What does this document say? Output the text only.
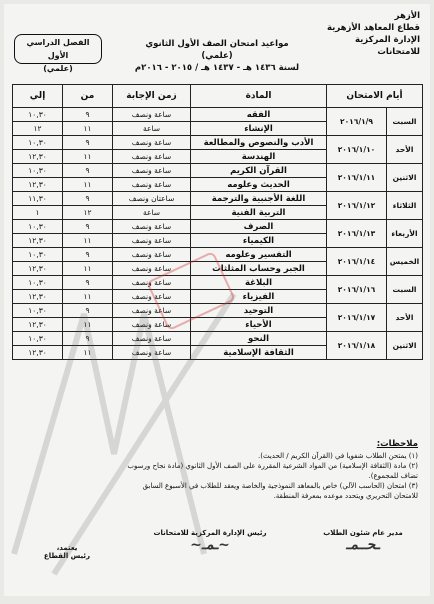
الأزهر
قطاع المعاهد الأزهرية
الإدارة المركزية للامتحانات
مواعيد امتحان الصف الأول الثانوي (علمي)
لسنة ١٤٣٦ هـ - ١٤٣٧ هـ / ٢٠١٥ - ٢٠١٦م
الفصل الدراسي الأول
(علمي)
أيام الامتحان		المادة	زمن الإجابة	من	إلي
السبت	٢٠١٦/١/٩	الفقه	ساعة ونصف	٩	١٠,٣٠
		الإنشاء	ساعة	١١	١٢
الأحد	٢٠١٦/١/١٠	الأدب والنصوص والمطالعة	ساعة ونصف	٩	١٠,٣٠
		الهندسة	ساعة ونصف	١١	١٢,٣٠
الاثنين	٢٠١٦/١/١١	القرآن الكريم	ساعة ونصف	٩	١٠,٣٠
		الحديث وعلومه	ساعة ونصف	١١	١٢,٣٠
الثلاثاء	٢٠١٦/١/١٢	اللغة الأجنبية والترجمة	ساعتان ونصف	٩	١١,٣٠
		التربية الفنية	ساعة	١٢	١
الأربعاء	٢٠١٦/١/١٣	الصرف	ساعة ونصف	٩	١٠,٣٠
		الكيمياء	ساعة ونصف	١١	١٢,٣٠
الخميس	٢٠١٦/١/١٤	التفسير وعلومه	ساعة ونصف	٩	١٠,٣٠
		الجبر وحساب المثلثات	ساعة ونصف	١١	١٢,٣٠
السبت	٢٠١٦/١/١٦	البلاغة	ساعة ونصف	٩	١٠,٣٠
		الفيزياء	ساعة ونصف	١١	١٢,٣٠
الأحد	٢٠١٦/١/١٧	التوحيد	ساعة ونصف	٩	١٠,٣٠
		الأحياء	ساعة ونصف	١١	١٢,٣٠
الاثنين	٢٠١٦/١/١٨	النحو	ساعة ونصف	٩	١٠,٣٠
		الثقافة الإسلامية	ساعة ونصف	١١	١٢,٣٠
ملاحظات:
(١) يمتحن الطلاب شفويا في (القرآن الكريم / الحديث).
(٢) مادة (الثقافة الإسلامية) من المواد الشرعية المقررة على الصف الأول الثانوي (مادة نجاح ورسوب تضاف للمجموع).
(٣) امتحان (الحاسب الآلي) خاص بالمعاهد النموذجية والخاصة ويعقد للطلاب في الأسبوع السابق للامتحان التحريري ويتحدد موعده بمعرفة المنطقة.
مدير عام شئون الطلاب
ـحــمـ
رئيس الإدارة المركزية للامتحانات
~ـمـ~
يعتمد،
رئيس القطاع
